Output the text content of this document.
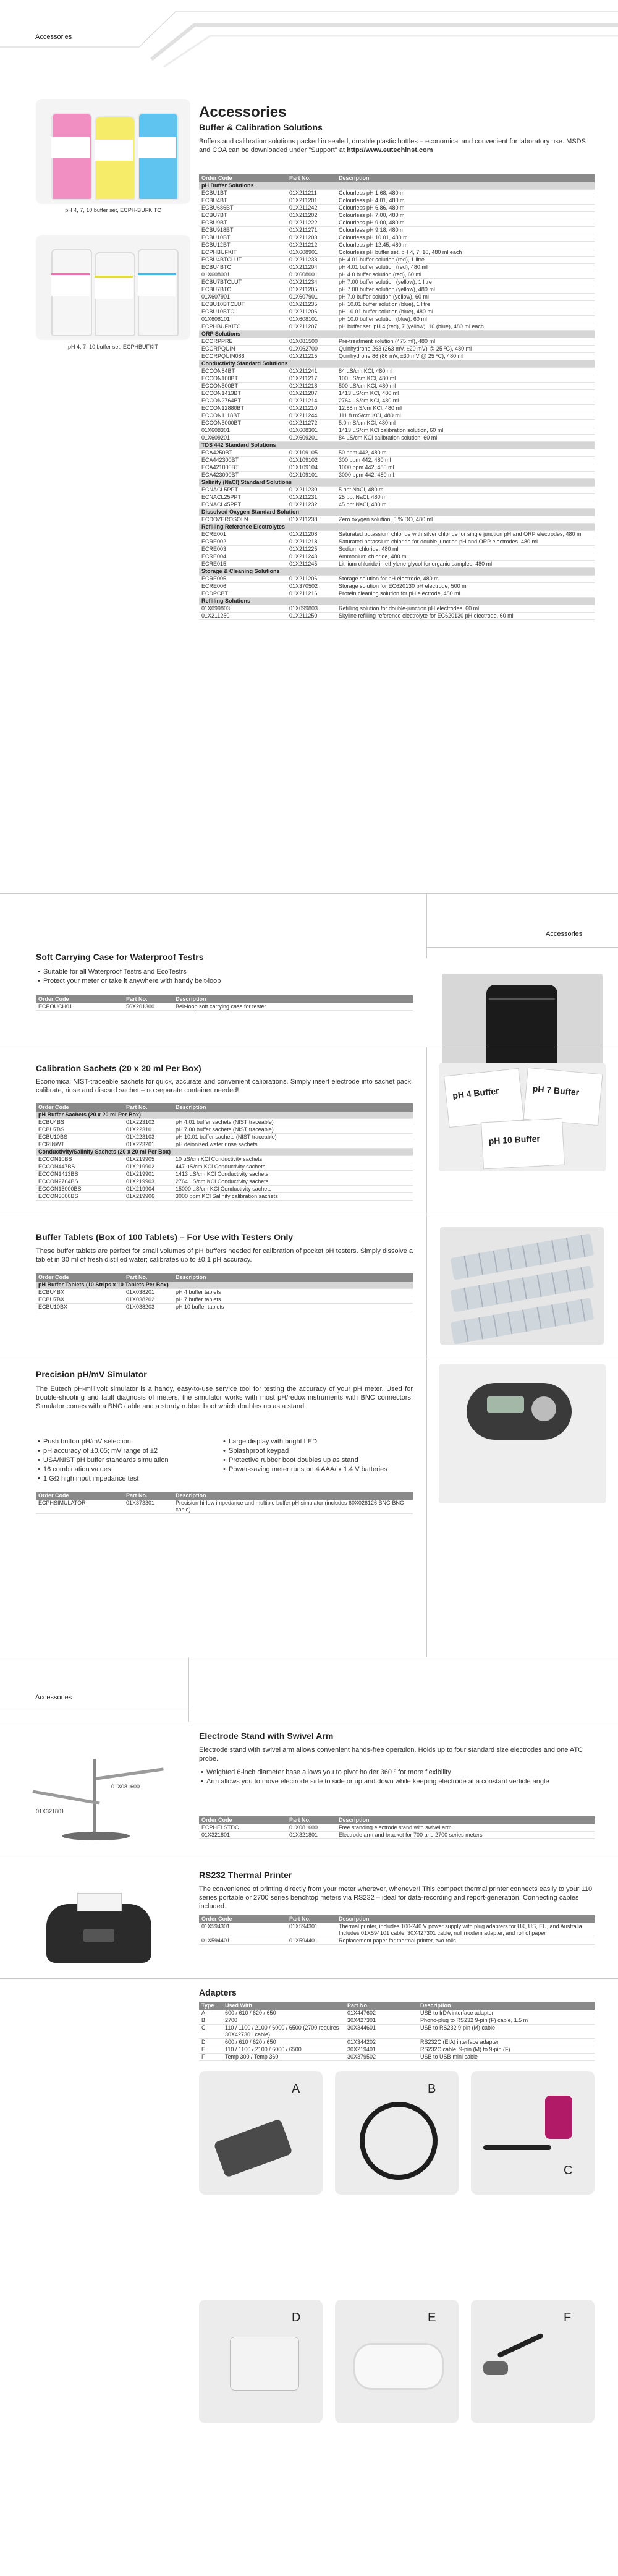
Accessories
pH 4, 7, 10 buffer set, ECPH-BUFKITC
pH 4, 7, 10 buffer set, ECPHBUFKIT
Accessories
Buffer & Calibration Solutions
Buffers and calibration solutions packed in sealed, durable plastic bottles – economical and convenient for laboratory use. MSDS and COA can be downloaded under "Support" at http://www.eutechinst.com
Order Code	Part No.	Description
pH Buffer Solutions		
ECBU1BT	01X211211	Colourless pH 1.68, 480 ml
ECBU4BT	01X211201	Colourless pH 4.01, 480 ml
ECBU686BT	01X211242	Colourless pH 6.86, 480 ml
ECBU7BT	01X211202	Colourless pH 7.00, 480 ml
ECBU9BT	01X211222	Colourless pH 9.00, 480 ml
ECBU918BT	01X211271	Colourless pH 9.18, 480 ml
ECBU10BT	01X211203	Colourless pH 10.01, 480 ml
ECBU12BT	01X211212	Colourless pH 12.45, 480 ml
ECPHBUFKIT	01X608901	Colourless pH buffer set, pH 4, 7, 10, 480 ml each
ECBU4BTCLUT	01X211233	pH 4.01 buffer solution (red), 1 litre
ECBU4BTC	01X211204	pH 4.01 buffer solution (red), 480 ml
01X608001	01X608001	pH 4.0 buffer solution (red), 60 ml
ECBU7BTCLUT	01X211234	pH 7.00 buffer solution (yellow), 1 litre
ECBU7BTC	01X211205	pH 7.00 buffer solution (yellow), 480 ml
01X607901	01X607901	pH 7.0 buffer solution (yellow), 60 ml
ECBU10BTCLUT	01X211235	pH 10.01 buffer solution (blue), 1 litre
ECBU10BTC	01X211206	pH 10.01 buffer solution (blue), 480 ml
01X608101	01X608101	pH 10.0 buffer solution (blue), 60 ml
ECPHBUFKITC	01X211207	pH buffer set, pH 4 (red), 7 (yellow), 10 (blue), 480 ml each
ORP Solutions		
ECORPPRE	01X081500	Pre-treatment solution (475 ml), 480 ml
ECORPQUIN	01X062700	Quinhydrone 263 (263 mV, ±20 mV) @ 25 ºC), 480 ml
ECORPQUIN086	01X211215	Quinhydrone 86 (86 mV, ±30 mV @ 25 ºC), 480 ml
Conductivity Standard Solutions		
ECCON84BT	01X211241	84 µS/cm KCl, 480 ml
ECCON100BT	01X211217	100 µS/cm KCl, 480 ml
ECCON500BT	01X211218	500 µS/cm KCl, 480 ml
ECCON1413BT	01X211207	1413 µS/cm KCl, 480 ml
ECCON2764BT	01X211214	2764 µS/cm KCl, 480 ml
ECCON12880BT	01X211210	12.88 mS/cm KCl, 480 ml
ECCON1118BT	01X211244	111.8 mS/cm KCl, 480 ml
ECCON5000BT	01X211272	5.0 mS/cm KCl, 480 ml
01X608301	01X608301	1413 µS/cm KCl calibration solution, 60 ml
01X609201	01X609201	84 µS/cm KCl calibration solution, 60 ml
TDS 442 Standard Solutions		
ECA4250BT	01X109105	50 ppm 442, 480 ml
ECA442300BT	01X109102	300 ppm 442, 480 ml
ECA421000BT	01X109104	1000 ppm 442, 480 ml
ECA423000BT	01X109101	3000 ppm 442, 480 ml
Salinity (NaCl) Standard Solutions		
ECNACL5PPT	01X211230	5 ppt NaCl, 480 ml
ECNACL25PPT	01X211231	25 ppt NaCl, 480 ml
ECNACL45PPT	01X211232	45 ppt NaCl, 480 ml
Dissolved Oxygen Standard Solution		
ECDOZEROSOLN	01X211238	Zero oxygen solution, 0 % DO, 480 ml
Refilling Reference Electrolytes		
ECRE001	01X211208	Saturated potassium chloride with silver chloride for single junction pH and ORP electrodes, 480 ml
ECRE002	01X211218	Saturated potassium chloride for double junction pH and ORP electrodes, 480 ml
ECRE003	01X211225	Sodium chloride, 480 ml
ECRE004	01X211243	Ammonium chloride, 480 ml
ECRE015	01X211245	Lithium chloride in ethylene-glycol for organic samples, 480 ml
Storage & Cleaning Solutions		
ECRE005	01X211206	Storage solution for pH electrode, 480 ml
ECRE006	01X370502	Storage solution for EC620130 pH electrode, 500 ml
ECDPCBT	01X211216	Protein cleaning solution for pH electrode, 480 ml
Refilling Solutions		
01X099803	01X099803	Refilling solution for double-junction pH electrodes, 60 ml
01X211250	01X211250	Skyline refilling reference electrolyte for EC620130 pH electrode, 60 ml
Accessories
Soft Carrying Case for Waterproof Testrs
• Suitable for all Waterproof Testrs and EcoTestrs
• Protect your meter or take it anywhere with handy belt-loop
Order Code	Part No.	Description
ECPOUCH01	56X201300	Belt-loop soft carrying case for tester
pH 4 Buffer	pH 7 Buffer
pH 10 Buffer
Calibration Sachets (20 x 20 ml Per Box)
Economical NIST-traceable sachets for quick, accurate and convenient calibrations. Simply insert electrode into sachet pack, calibrate, rinse and discard sachet – no separate container needed!
Order Code	Part No.	Description
pH Buffer Sachets (20 x 20 ml Per Box)		
ECBU4BS	01X223102	pH 4.01 buffer sachets (NIST traceable)
ECBU7BS	01X223101	pH 7.00 buffer sachets (NIST traceable)
ECBU10BS	01X223103	pH 10.01 buffer sachets (NIST traceable)
ECRINWT	01X223201	pH deionized water rinse sachets
Conductivity/Salinity Sachets (20 x 20 ml Per Box)		
ECCON10BS	01X219905	10 µS/cm KCl Conductivity sachets
ECCON447BS	01X219902	447 µS/cm KCl Conductivity sachets
ECCON1413BS	01X219901	1413 µS/cm KCl Conductivity sachets
ECCON2764BS	01X219903	2764 µS/cm KCl Conductivity sachets
ECCON15000BS	01X219904	15000 µS/cm KCl Conductivity sachets
ECCON3000BS	01X219906	3000 ppm KCl Salinity calibration sachets
Buffer Tablets (Box of 100 Tablets) – For Use with Testers Only
These buffer tablets are perfect for small volumes of pH buffers needed for calibration of pocket pH testers. Simply dissolve a tablet in 30 ml of fresh distilled water; calibrates up to ±0.1 pH accuracy.
Order Code	Part No.	Description
pH Buffer Tablets (10 Strips x 10 Tablets Per Box)		
ECBU4BX	01X038201	pH 4 buffer tablets
ECBU7BX	01X038202	pH 7 buffer tablets
ECBU10BX	01X038203	pH 10 buffer tablets
Precision pH/mV Simulator
The Eutech pH-millivolt simulator is a handy, easy-to-use service tool for testing the accuracy of your pH meter. Used for trouble-shooting and fault diagnosis of meters, the simulator works with most pH/redox instruments with BNC connectors. Simulator comes with a BNC cable and a sturdy rubber boot which doubles up as a stand.
• Push button pH/mV selection
• pH accuracy of ±0.05; mV range of ±2
• USA/NIST pH buffer standards simulation
• 16 combination values
• 1 GΩ high input impedance test
• Large display with bright LED
• Splashproof keypad
• Protective rubber boot doubles up as stand
• Power-saving meter runs on 4 AAA/ x 1.4 V batteries
Order Code	Part No.	Description
ECPHSIMULATOR	01X373301	Precision hi-low impedance and multiple buffer pH simulator (includes 60X026126 BNC-BNC cable)
Accessories
01X081600
01X321801
Electrode Stand with Swivel Arm
Electrode stand with swivel arm allows convenient hands-free operation. Holds up to four standard size electrodes and one ATC probe.
• Weighted 6-inch diameter base allows you to pivot holder 360 º for more flexibility
• Arm allows you to move electrode side to side or up and down while keeping electrode at a constant verticle angle
Order Code	Part No.	Description
ECPHELSTDC	01X081600	Free standing electrode stand with swivel arm
01X321801	01X321801	Electrode arm and bracket for 700 and 2700 series meters
RS232 Thermal Printer
The convenience of printing directly from your meter wherever, whenever! This compact thermal printer connects easily to your 110 series portable or 2700 series benchtop meters via RS232 – ideal for data-recording and report-generation. Connecting cables included.
Order Code	Part No.	Description
01X594301	01X594301	Thermal printer, includes 100-240 V power supply with plug adapters for UK, US, EU, and Australia. Includes 01X594101 cable, 30X427301 cable, null modem adapter, and roll of paper
01X594401	01X594401	Replacement paper for thermal printer, two rolls
Adapters
Type	Used With	Part No.	Description
A	600 / 610 / 620 / 650	01X447602	USB to IrDA interface adapter
B	2700	30X427301	Phono-plug to RS232 9-pin (F) cable, 1.5 m
C	110 / 1100 / 2100 / 6000 / 6500 (2700 requires 30X427301 cable)	30X344601	USB to RS232 9-pin (M) cable
D	600 / 610 / 620 / 650	01X344202	RS232C (EIA) interface adapter
E	110 / 1100 / 2100 / 6000 / 6500	30X219401	RS232C cable, 9-pin (M) to 9-pin (F)
F	Temp 300 / Temp 360	30X379502	USB to USB-mini cable
A	B
C
D	E	F
